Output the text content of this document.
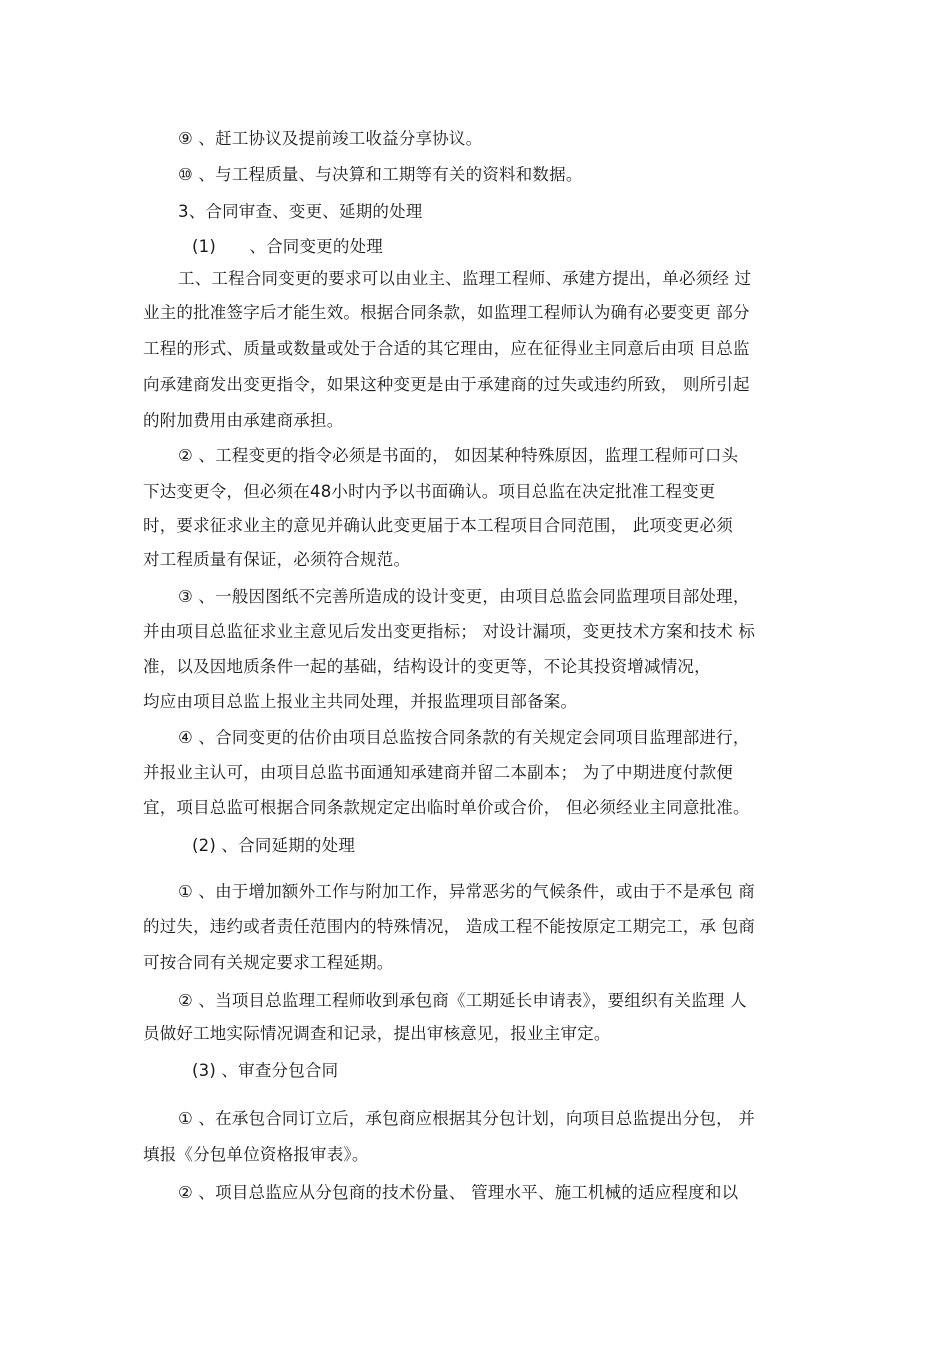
⑨ 、赶工协议及提前竣工收益分享协议。
⑩ 、与工程质量、与决算和工期等有关的资料和数据。
3、合同审查、变更、延期的处理
(1)　　、合同变更的处理
工、工程合同变更的要求可以由业主、监理工程师、承建方提出，单必须经 过
业主的批准签字后才能生效。根据合同条款，如监理工程师认为确有必要变更 部分
工程的形式、质量或数量或处于合适的其它理由，应在征得业主同意后由项 目总监
向承建商发出变更指令，如果这种变更是由于承建商的过失或违约所致， 则所引起
的附加费用由承建商承担。
② 、工程变更的指令必须是书面的， 如因某种特殊原因，监理工程师可口头
下达变更令，但必须在48小时内予以书面确认。项目总监在决定批准工程变更
时，要求征求业主的意见并确认此变更届于本工程项目合同范围， 此项变更必须
对工程质量有保证，必须符合规范。
③ 、一般因图纸不完善所造成的设计变更，由项目总监会同监理项目部处理，
并由项目总监征求业主意见后发出变更指标； 对设计漏项，变更技术方案和技术 标
准，以及因地质条件一起的基础，结构设计的变更等，不论其投资增减情况，
均应由项目总监上报业主共同处理，并报监理项目部备案。
④ 、合同变更的估价由项目总监按合同条款的有关规定会同项目监理部进行，
并报业主认可，由项目总监书面通知承建商并留二本副本； 为了中期进度付款便
宜，项目总监可根据合同条款规定定出临时单价或合价， 但必须经业主同意批准。
(2) 、合同延期的处理
① 、由于增加额外工作与附加工作，异常恶劣的气候条件，或由于不是承包 商
的过失，违约或者责任范围内的特殊情况， 造成工程不能按原定工期完工，承 包商
可按合同有关规定要求工程延期。
② 、当项目总监理工程师收到承包商《工期延长申请表》，要组织有关监理 人
员做好工地实际情况调查和记录，提出审核意见，报业主审定。
(3) 、审查分包合同
① 、在承包合同订立后，承包商应根据其分包计划，向项目总监提出分包， 并
填报《分包单位资格报审表》。
② 、项目总监应从分包商的技术份量、 管理水平、施工机械的适应程度和以
